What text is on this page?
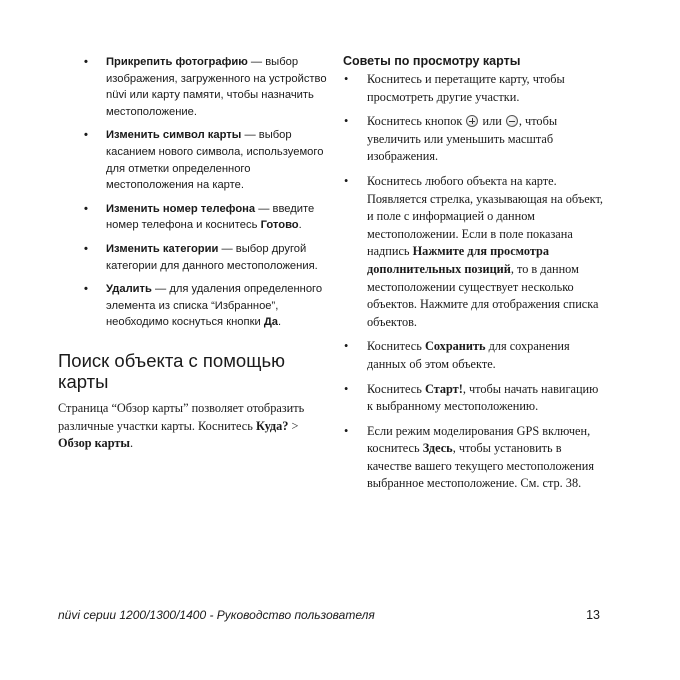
• Прикрепить фотографию — выбор изображения, загруженного на устройство nüvi или карту памяти, чтобы назначить местоположение.
• Изменить символ карты — выбор касанием нового символа, используемого для отметки определенного местоположения на карте.
• Изменить номер телефона — введите номер телефона и коснитесь Готово.
• Изменить категории — выбор другой категории для данного местоположения.
• Удалить — для удаления определенного элемента из списка “Избранное”, необходимо коснуться кнопки Да.
Поиск объекта с помощью карты

Страница “Обзор карты” позволяет отобразить различные участки карты. Коснитесь Куда? > Обзор карты.

Советы по просмотру карты
• Коснитесь и перетащите карту, чтобы просмотреть другие участки.
• Коснитесь кнопок  или , чтобы увеличить или уменьшить масштаб изображения.
• Коснитесь любого объекта на карте. Появляется стрелка, указывающая на объект, и поле с информацией о данном местоположении. Если в поле показана надпись Нажмите для просмотра дополнительных позиций, то в данном местоположении существует несколько объектов. Нажмите для отображения списка объектов.
• Коснитесь Сохранить для сохранения данных об этом объекте.
• Коснитесь Старт!, чтобы начать навигацию к выбранному местоположению.
• Если режим моделирования GPS включен, коснитесь Здесь, чтобы установить в качестве вашего текущего местоположения выбранное местоположение. См. стр. 38.
nüvi серии 1200/1300/1400 - Руководство пользователя	13
